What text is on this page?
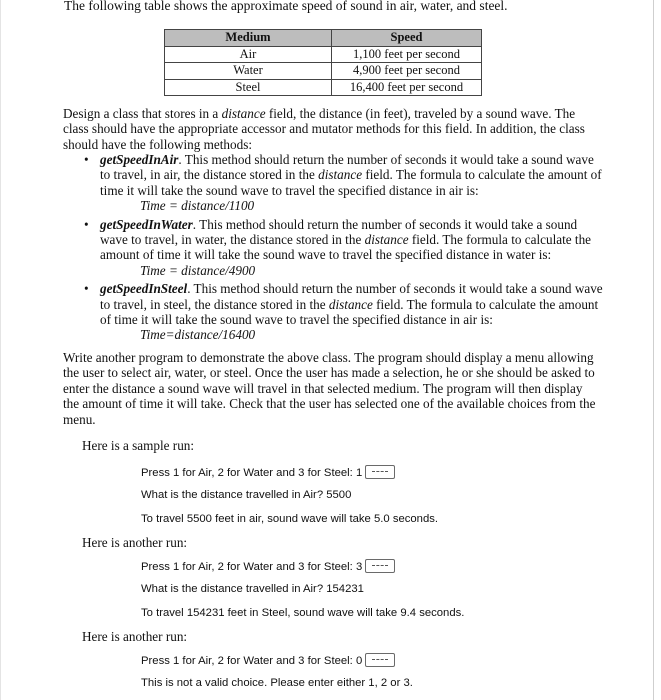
The following table shows the approximate speed of sound in air, water, and steel.
Medium	Speed
Air	1,100 feet per second
Water	4,900 feet per second
Steel	16,400 feet per second
Design a class that stores in a distance field, the distance (in feet), traveled by a sound wave. The class should have the appropriate accessor and mutator methods for this field. In addition, the class should have the following methods:
• getSpeedInAir. This method should return the number of seconds it would take a sound wave to travel, in air, the distance stored in the distance field. The formula to calculate the amount of time it will take the sound wave to travel the specified distance in air is:
Time = distance/1100
• getSpeedInWater. This method should return the number of seconds it would take a sound wave to travel, in water, the distance stored in the distance field. The formula to calculate the amount of time it will take the sound wave to travel the specified distance in water is:
Time = distance/4900
• getSpeedInSteel. This method should return the number of seconds it would take a sound wave to travel, in steel, the distance stored in the distance field. The formula to calculate the amount of time it will take the sound wave to travel the specified distance in air is:
Time=distance/16400
Write another program to demonstrate the above class. The program should display a menu allowing the user to select air, water, or steel. Once the user has made a selection, he or she should be asked to enter the distance a sound wave will travel in that selected medium. The program will then display the amount of time it will take. Check that the user has selected one of the available choices from the menu.
Here is a sample run:
Press 1 for Air, 2 for Water and 3 for Steel: 1
What is the distance travelled in Air? 5500
To travel 5500 feet in air, sound wave will take 5.0 seconds.
Here is another run:
Press 1 for Air, 2 for Water and 3 for Steel: 3
What is the distance travelled in Air? 154231
To travel 154231 feet in Steel, sound wave will take 9.4 seconds.
Here is another run:
Press 1 for Air, 2 for Water and 3 for Steel: 0
This is not a valid choice. Please enter either 1, 2 or 3.
